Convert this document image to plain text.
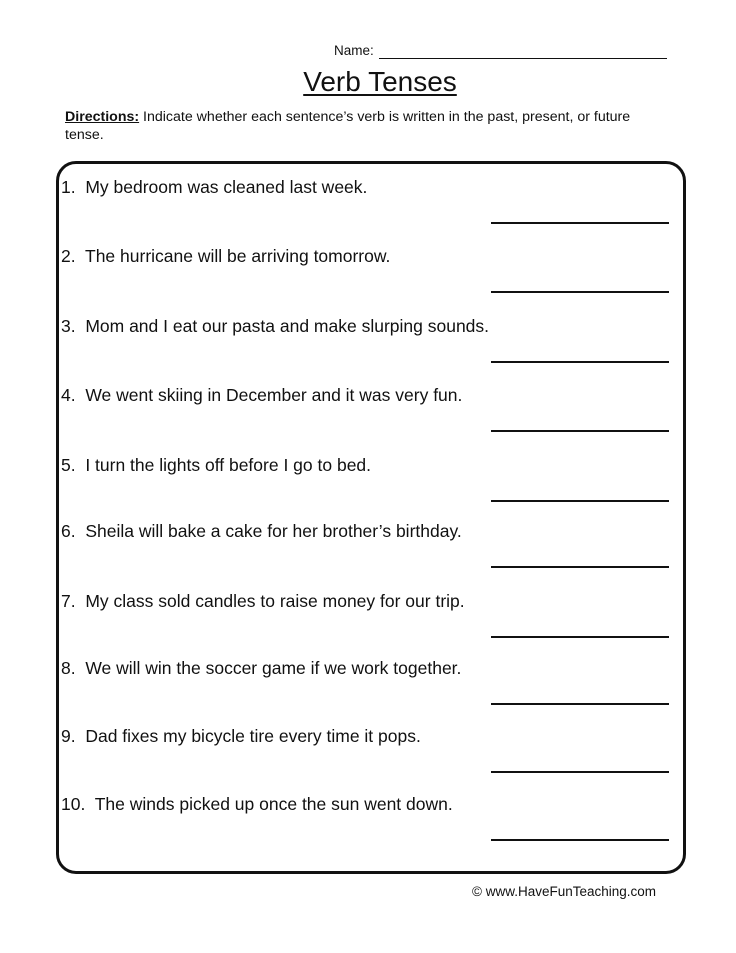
Name:
Verb Tenses
Directions: Indicate whether each sentence’s verb is written in the past, present, or future tense.
1.  My bedroom was cleaned last week.
2.  The hurricane will be arriving tomorrow.
3.  Mom and I eat our pasta and make slurping sounds.
4.  We went skiing in December and it was very fun.
5.  I turn the lights off before I go to bed.
6.  Sheila will bake a cake for her brother’s birthday.
7.  My class sold candles to raise money for our trip.
8.  We will win the soccer game if we work together.
9.  Dad fixes my bicycle tire every time it pops.
10.  The winds picked up once the sun went down.
© www.HaveFunTeaching.com
